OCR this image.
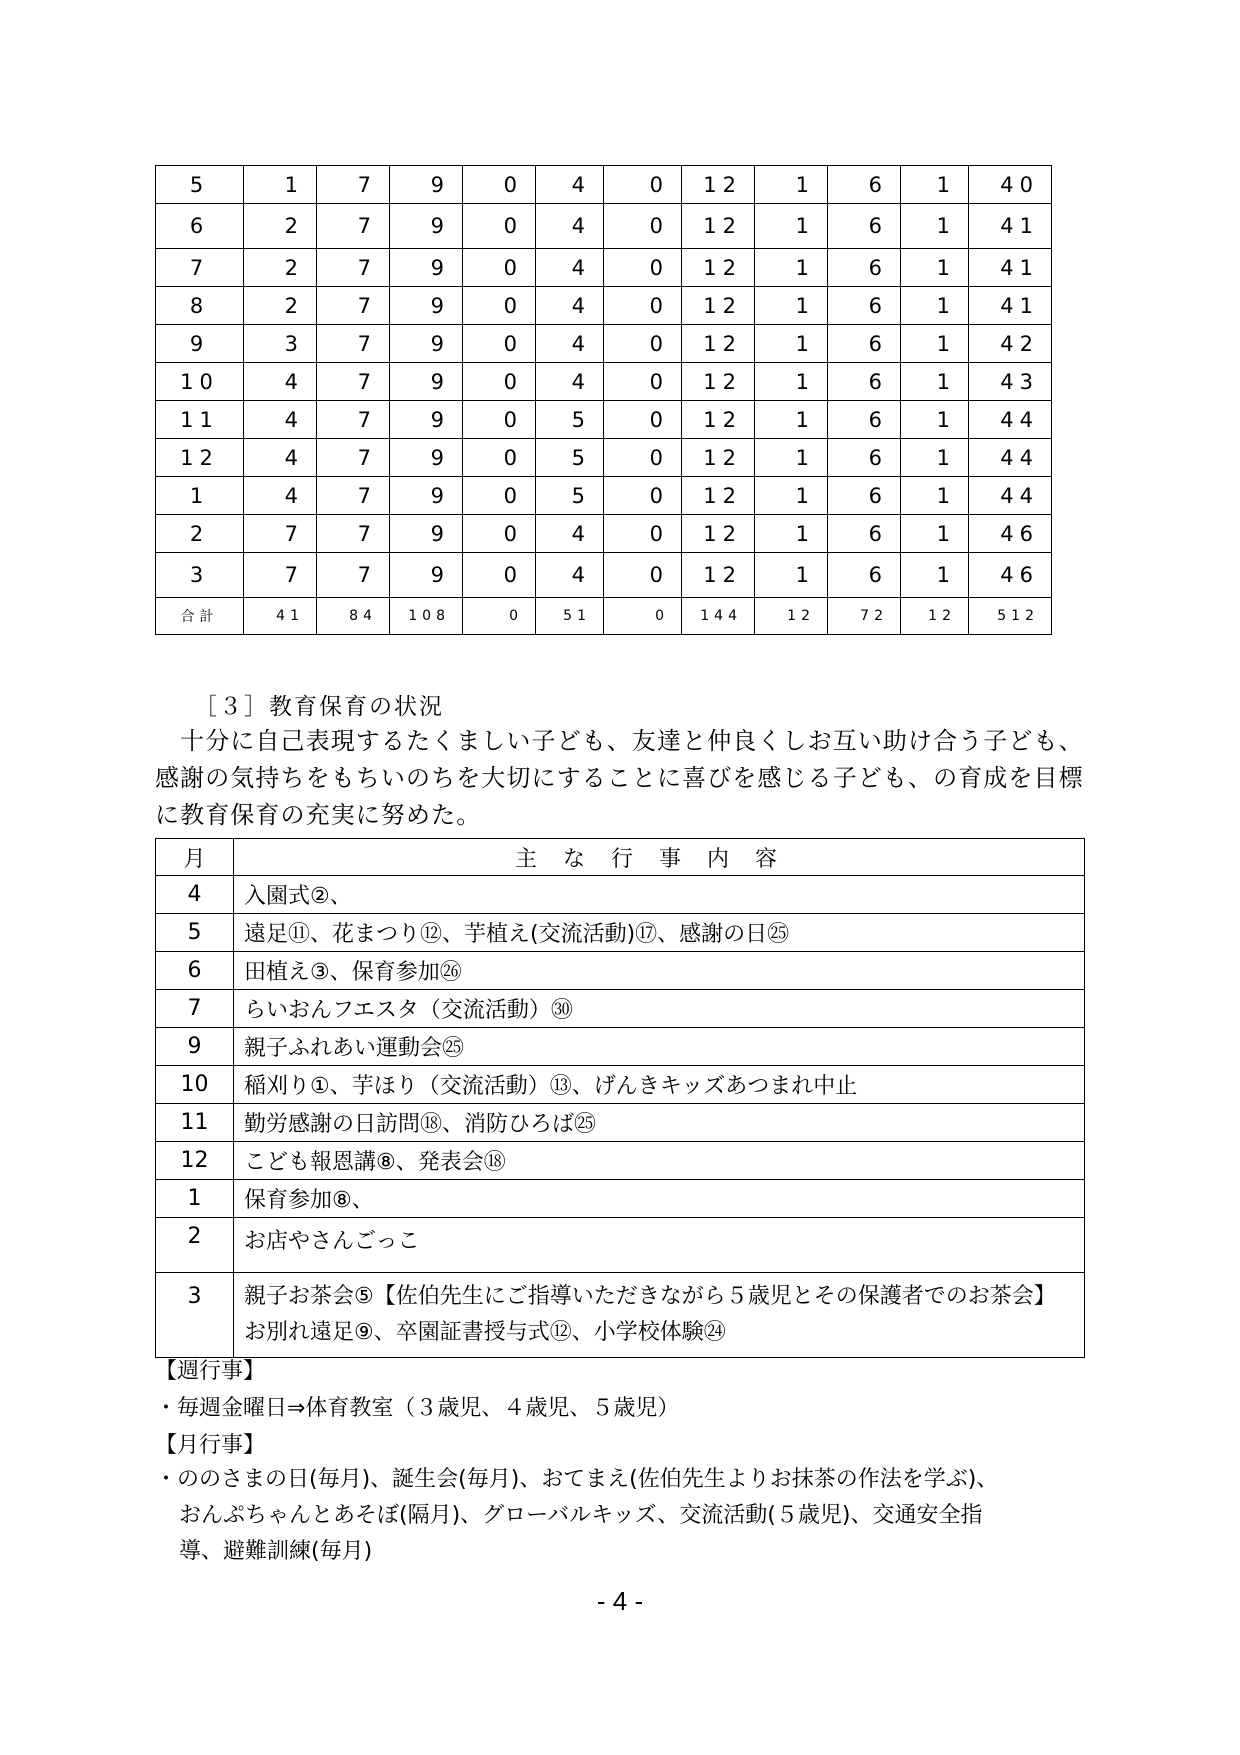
5	1	7	9	0	4	0	12	1	6	1	40
6	2	7	9	0	4	0	12	1	6	1	41
7	2	7	9	0	4	0	12	1	6	1	41
8	2	7	9	0	4	0	12	1	6	1	41
9	3	7	9	0	4	0	12	1	6	1	42
10	4	7	9	0	4	0	12	1	6	1	43
11	4	7	9	0	5	0	12	1	6	1	44
12	4	7	9	0	5	0	12	1	6	1	44
1	4	7	9	0	5	0	12	1	6	1	44
2	7	7	9	0	4	0	12	1	6	1	46
3	7	7	9	0	4	0	12	1	6	1	46
合計	41	84	108	0	51	0	144	12	72	12	512
［３］教育保育の状況
　十分に自己表現するたくましい子ども、友達と仲良くしお互い助け合う子ども、感謝の気持ちをもちいのちを大切にすることに喜びを感じる子ども、の育成を目標に教育保育の充実に努めた。
月	主な行事内容
4	入園式②、
5	遠足⑪、花まつり⑫、芋植え(交流活動)⑰、感謝の日㉕
6	田植え③、保育参加㉖
7	らいおんフエスタ（交流活動）㉚
9	親子ふれあい運動会㉕
10	稲刈り①、芋ほり（交流活動）⑬、げんきキッズあつまれ中止
11	勤労感謝の日訪問⑱、消防ひろば㉕
12	こども報恩講⑧、発表会⑱
1	保育参加⑧、
2	お店やさんごっこ
3	親子お茶会⑤【佐伯先生にご指導いただきながら５歳児とその保護者でのお茶会】
お別れ遠足⑨、卒園証書授与式⑫、小学校体験㉔
【週行事】
・毎週金曜日⇒体育教室（３歳児、４歳児、５歳児）
【月行事】
・ののさまの日(毎月)、誕生会(毎月)、おてまえ(佐伯先生よりお抹茶の作法を学ぶ)、
おんぷちゃんとあそぼ(隔月)、グローバルキッズ、交流活動(５歳児)、交通安全指
導、避難訓練(毎月)
- 4 -
